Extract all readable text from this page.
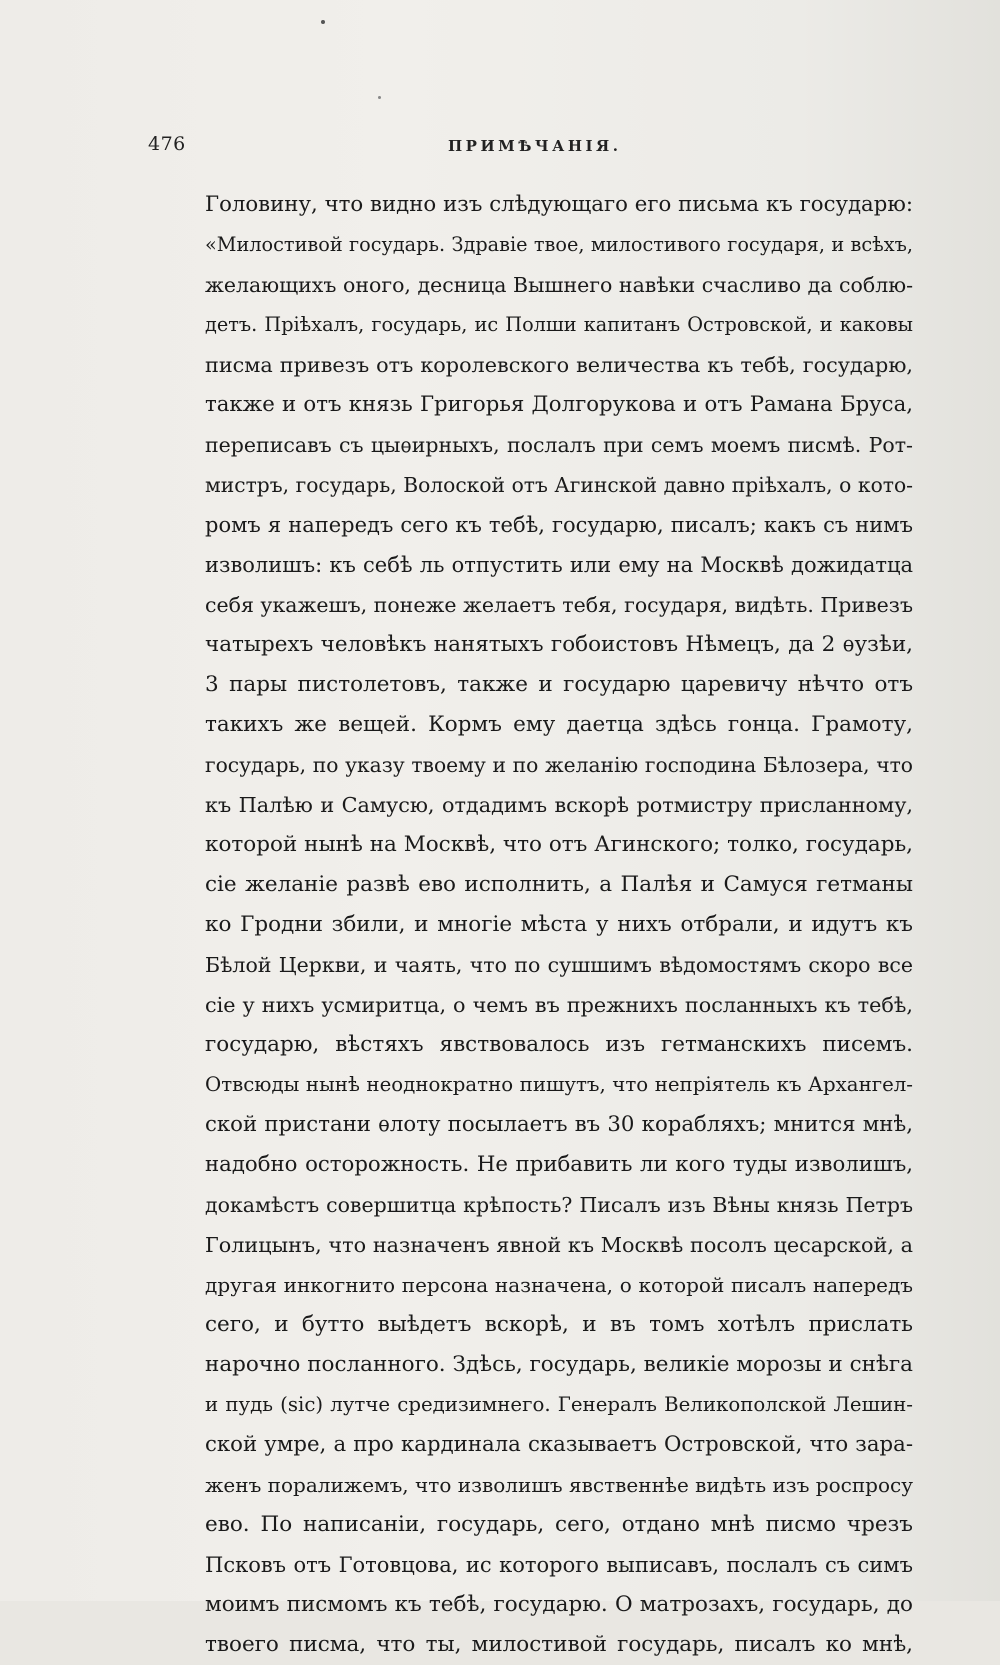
476	ПРИМѢЧАНІЯ.
Головину, что видно изъ слѣдующаго его письма къ государю:
«Милостивой государь. Здравіе твое, милостивого государя, и всѣхъ,
желающихъ оного, десница Вышнего навѣки счасливо да соблю-
детъ. Пріѣхалъ, государь, ис Полши капитанъ Островской, и каковы
писма привезъ отъ королевского величества къ тебѣ, государю,
также и отъ князь Григорья Долгорукова и отъ Рамана Бруса,
переписавъ съ цыѳирныхъ, послалъ при семъ моемъ писмѣ. Рот-
мистръ, государь, Волоской отъ Агинской давно пріѣхалъ, о кото-
ромъ я напередъ сего къ тебѣ, государю, писалъ; какъ съ нимъ
изволишъ: къ себѣ ль отпустить или ему на Москвѣ дожидатца
себя укажешъ, понеже желаетъ тебя, государя, видѣть. Привезъ
чатырехъ человѣкъ нанятыхъ гобоистовъ Нѣмецъ, да 2 ѳузѣи,
3 пары пистолетовъ, также и государю царевичу нѣчто отъ
такихъ же вещей. Кормъ ему даетца здѣсь гонца. Грамоту,
государь, по указу твоему и по желанію господина Бѣлозера, что
къ Палѣю и Самусю, отдадимъ вскорѣ ротмистру присланному,
которой нынѣ на Москвѣ, что отъ Агинского; толко, государь,
сіе желаніе развѣ ево исполнить, а Палѣя и Самуся гетманы
ко Гродни збили, и многіе мѣста у нихъ отбрали, и идутъ къ
Бѣлой Церкви, и чаять, что по сушшимъ вѣдомостямъ скоро все
сіе у нихъ усмиритца, о чемъ въ прежнихъ посланныхъ къ тебѣ,
государю, вѣстяхъ явствовалось изъ гетманскихъ писемъ.
Отвсюды нынѣ неоднократно пишутъ, что непріятель къ Архангел-
ской пристани ѳлоту посылаетъ въ 30 корабляхъ; мнится мнѣ,
надобно осторожность. Не прибавить ли кого туды изволишъ,
докамѣстъ совершитца крѣпость? Писалъ изъ Вѣны князь Петръ
Голицынъ, что назначенъ явной къ Москвѣ посолъ цесарской, а
другая инкогнито персона назначена, о которой писалъ напередъ
сего, и бутто выѣдетъ вскорѣ, и въ томъ хотѣлъ прислать
нарочно посланного. Здѣсь, государь, великіе морозы и снѣга
и пудь (sic) лутче средизимнего. Генералъ Великополской Лешин-
ской умре, а про кардинала сказываетъ Островской, что зара-
женъ поралижемъ, что изволишъ явственнѣе видѣть изъ роспросу
ево. По написаніи, государь, сего, отдано мнѣ писмо чрезъ
Псковъ отъ Готовцова, ис которого выписавъ, послалъ съ симъ
моимъ писмомъ къ тебѣ, государю. О матрозахъ, государь, до
твоего писма, что ты, милостивой государь, писалъ ко мнѣ,
